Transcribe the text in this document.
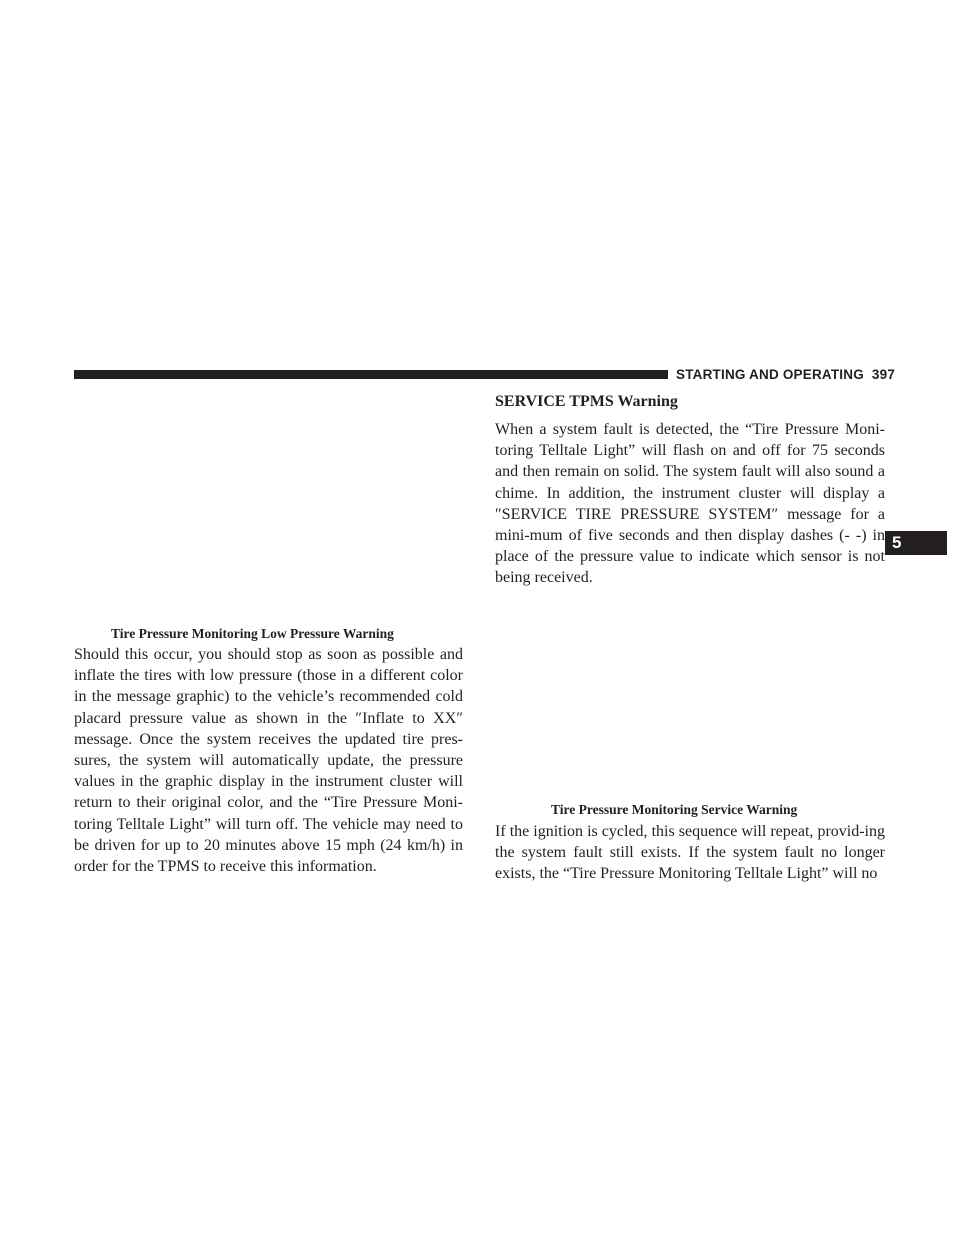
STARTING AND OPERATING 397
5
Tire Pressure Monitoring Low Pressure Warning

Should this occur, you should stop as soon as possible and inflate the tires with low pressure (those in a different color in the message graphic) to the vehicle’s recommended cold placard pressure value as shown in the ″Inflate to XX″ message. Once the system receives the updated tire pres-sures, the system will automatically update, the pressure values in the graphic display in the instrument cluster will return to their original color, and the “Tire Pressure Moni-toring Telltale Light” will turn off. The vehicle may need to be driven for up to 20 minutes above 15 mph (24 km/h) in order for the TPMS to receive this information.

SERVICE TPMS Warning

When a system fault is detected, the “Tire Pressure Moni-toring Telltale Light” will flash on and off for 75 seconds and then remain on solid. The system fault will also sound a chime. In addition, the instrument cluster will display a ″SERVICE TIRE PRESSURE SYSTEM″ message for a mini-mum of five seconds and then display dashes (- -) in place of the pressure value to indicate which sensor is not being received.

Tire Pressure Monitoring Service Warning

If the ignition is cycled, this sequence will repeat, provid-ing the system fault still exists. If the system fault no longer exists, the “Tire Pressure Monitoring Telltale Light” will no
